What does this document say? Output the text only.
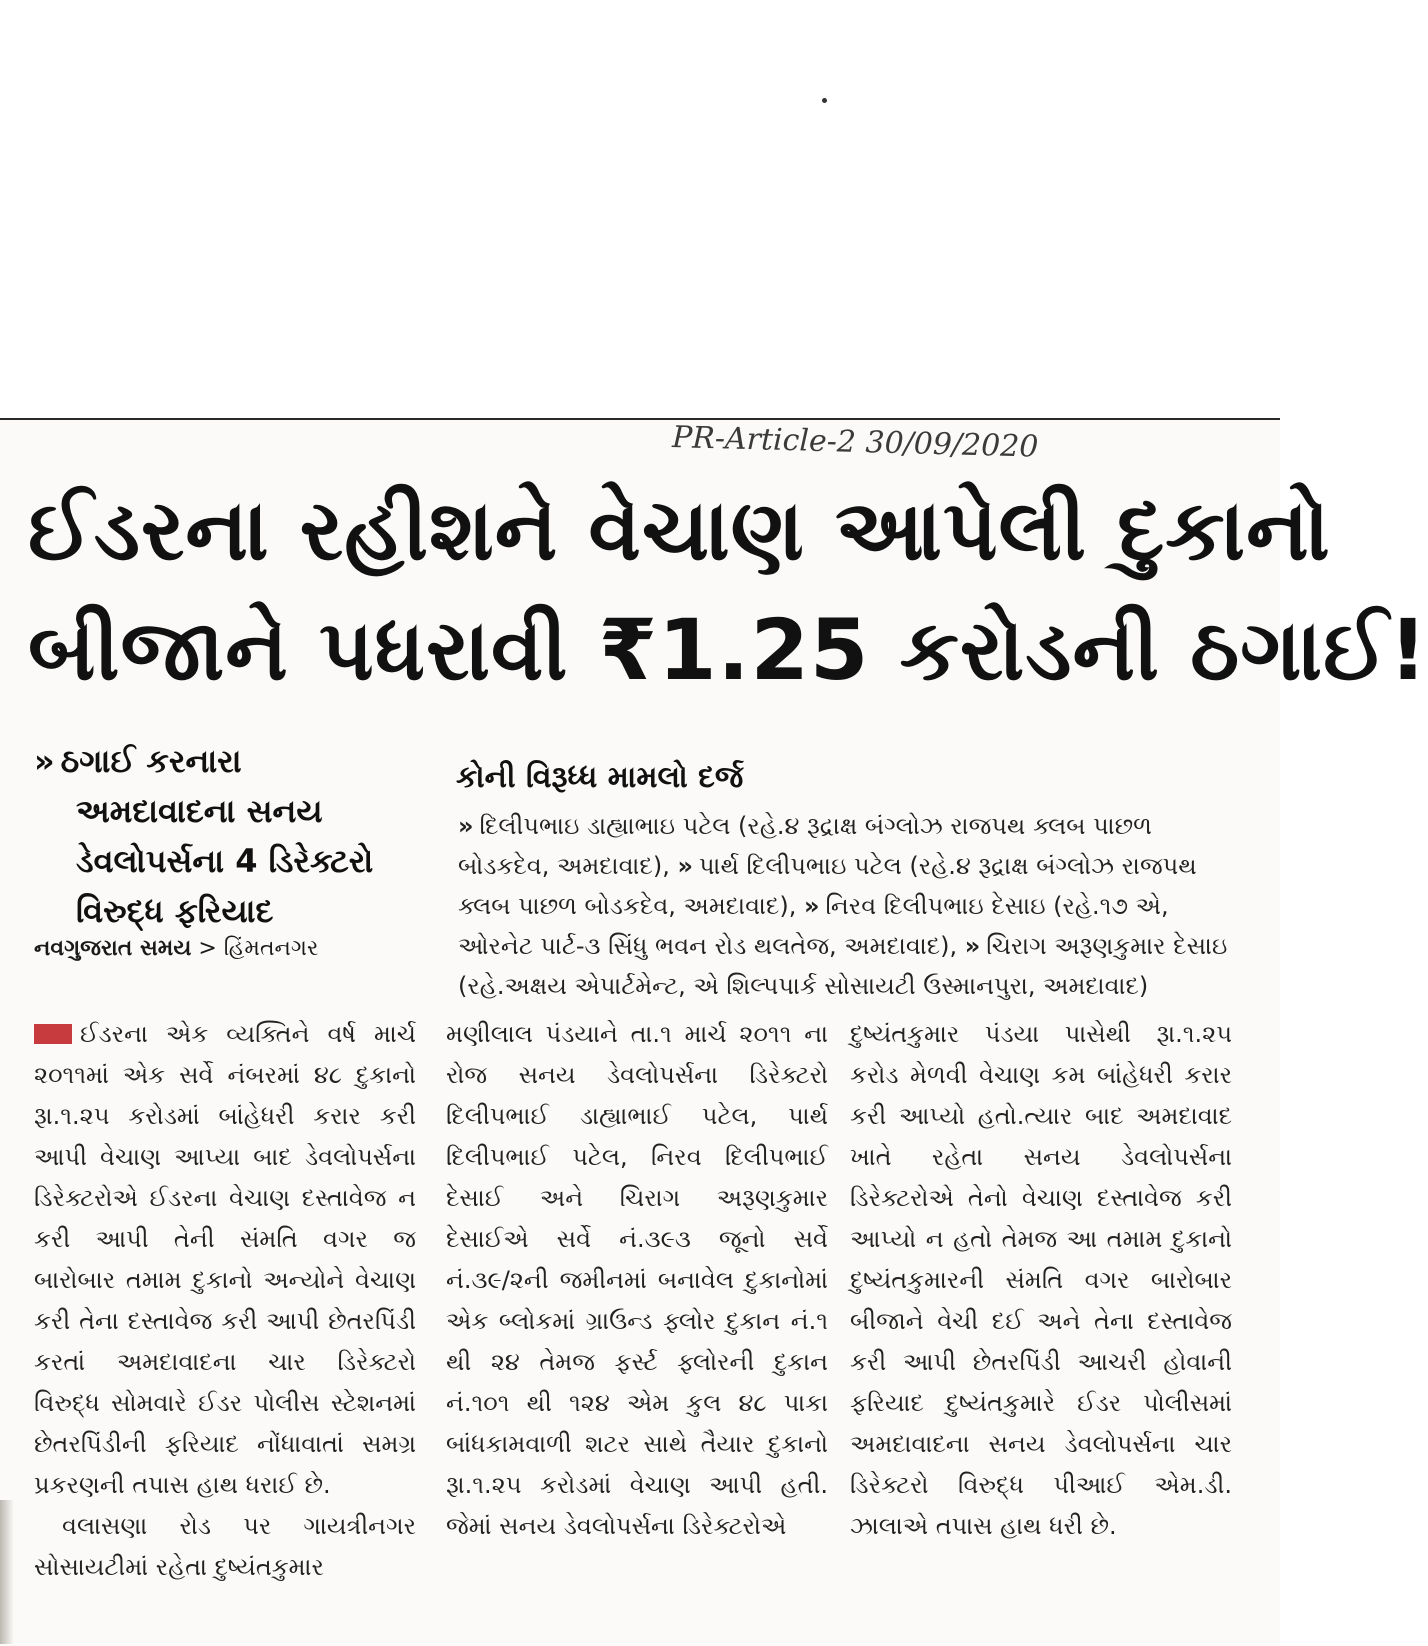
PR-Article-2 30/09/2020
ઈડરના રહીશને વેચાણ આપેલી દુકાનો
બીજાને પધરાવી ₹1.25 કરોડની ઠગાઈ!
» ઠગાઈ કરનારા
અમદાવાદના સનય
ડેવલોપર્સના 4 ડિરેક્ટરો
વિરુદ્ધ ફરિયાદ
નવગુજરાત સમય > હિંમતનગર
કોની વિરૂધ્ધ મામલો દર્જ
» દિલીપભાઇ ડાહ્યાભાઇ પટેલ (રહે.૪ રૂદ્રાક્ષ બંગ્લોઝ રાજપથ ક્લબ પાછળ બોડકદેવ, અમદાવાદ), » પાર્થ દિલીપભાઇ પટેલ (રહે.૪ રૂદ્રાક્ષ બંગ્લોઝ રાજપથ ક્લબ પાછળ બોડકદેવ, અમદાવાદ), » નિરવ દિલીપભાઇ દેસાઇ (રહે.૧૭ એ, ઓરનેટ પાર્ટ-૩ સિંધુ ભવન રોડ થલતેજ, અમદાવાદ), » ચિરાગ અરૂણકુમાર દેસાઇ (રહે.અક્ષય એપાર્ટમેન્ટ, એ શિલ્પપાર્ક સોસાયટી ઉસ્માનપુરા, અમદાવાદ)

ઈડરના એક વ્યક્તિને વર્ષ માર્ચ ૨૦૧૧માં એક સર્વે નંબરમાં ૪૮ દુકાનો રૂા.૧.૨૫ કરોડમાં બાંહેધરી કરાર કરી આપી વેચાણ આપ્યા બાદ ડેવલોપર્સના ડિરેક્ટરોએ ઈડરના વેચાણ દસ્તાવેજ ન કરી આપી તેની સંમતિ વગર જ બારોબાર તમામ દુકાનો અન્યોને વેચાણ કરી તેના દસ્તાવેજ કરી આપી છેતરપિંડી કરતાં અમદાવાદના ચાર ડિરેક્ટરો વિરુદ્ધ સોમવારે ઈડર પોલીસ સ્ટેશનમાં છેતરપિંડીની ફરિયાદ નોંધાવાતાં સમગ્ર પ્રકરણની તપાસ હાથ ધરાઈ છે.

વલાસણા રોડ પર ગાયત્રીનગર સોસાયટીમાં રહેતા દુષ્યંતકુમાર

મણીલાલ પંડયાને તા.૧ માર્ચ ૨૦૧૧ ના રોજ સનય ડેવલોપર્સના ડિરેક્ટરો દિલીપભાઈ ડાહ્યાભાઈ પટેલ, પાર્થ દિલીપભાઈ પટેલ, નિરવ દિલીપભાઈ દેસાઈ અને ચિરાગ અરૂણકુમાર દેસાઈએ સર્વે નં.૩૯૩ જૂનો સર્વે નં.૩૯/૨ની જમીનમાં બનાવેલ દુકાનોમાં એક બ્લોકમાં ગ્રાઉન્ડ ફ્લોર દુકાન નં.૧ થી ૨૪ તેમજ ફર્સ્ટ ફ્લોરની દુકાન નં.૧૦૧ થી ૧૨૪ એમ કુલ ૪૮ પાકા બાંધકામવાળી શટર સાથે તૈયાર દુકાનો રૂા.૧.૨૫ કરોડમાં વેચાણ આપી હતી. જેમાં સનય ડેવલોપર્સના ડિરેક્ટરોએ

દુષ્યંતકુમાર પંડયા પાસેથી રૂા.૧.૨૫ કરોડ મેળવી વેચાણ કમ બાંહેધરી કરાર કરી આપ્યો હતો.ત્યાર બાદ અમદાવાદ ખાતે રહેતા સનય ડેવલોપર્સના ડિરેક્ટરોએ તેનો વેચાણ દસ્તાવેજ કરી આપ્યો ન હતો તેમજ આ તમામ દુકાનો દુષ્યંતકુમારની સંમતિ વગર બારોબાર બીજાને વેચી દઈ અને તેના દસ્તાવેજ કરી આપી છેતરપિંડી આચરી હોવાની ફરિયાદ દુષ્યંતકુમારે ઈડર પોલીસમાં અમદાવાદના સનય ડેવલોપર્સના ચાર ડિરેક્ટરો વિરુદ્ધ પીઆઈ એમ.ડી. ઝાલાએ તપાસ હાથ ધરી છે.
